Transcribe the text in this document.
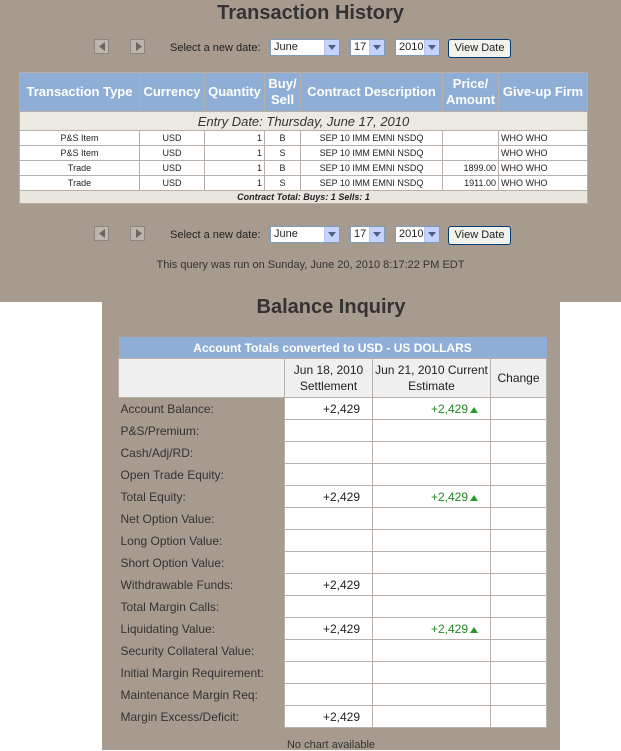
Transaction History
Select a new date:	June	17	2010	View Date
Transaction Type	Currency	Quantity	Buy/ Sell	Contract Description	Price/ Amount	Give-up Firm
Entry Date: Thursday, June 17, 2010						
P&S Item	USD	1	B	SEP 10 IMM EMNI NSDQ		WHO WHO
P&S Item	USD	1	S	SEP 10 IMM EMNI NSDQ		WHO WHO
Trade	USD	1	B	SEP 10 IMM EMNI NSDQ	1899.00	WHO WHO
Trade	USD	1	S	SEP 10 IMM EMNI NSDQ	1911.00	WHO WHO
Contract Total: Buys: 1 Sells: 1						
Select a new date:	June	17	2010	View Date
This query was run on Sunday, June 20, 2010 8:17:22 PM EDT
Balance Inquiry
Account Totals converted to USD - US DOLLARS			
	Jun 18, 2010 Settlement	Jun 21, 2010 Current Estimate	Change
Account Balance:	+2,429	+2,429	
P&S/Premium:			
Cash/Adj/RD:			
Open Trade Equity:			
Total Equity:	+2,429	+2,429	
Net Option Value:			
Long Option Value:			
Short Option Value:			
Withdrawable Funds:	+2,429		
Total Margin Calls:			
Liquidating Value:	+2,429	+2,429	
Security Collateral Value:			
Initial Margin Requirement:			
Maintenance Margin Req:			
Margin Excess/Deficit:	+2,429		
No chart available
